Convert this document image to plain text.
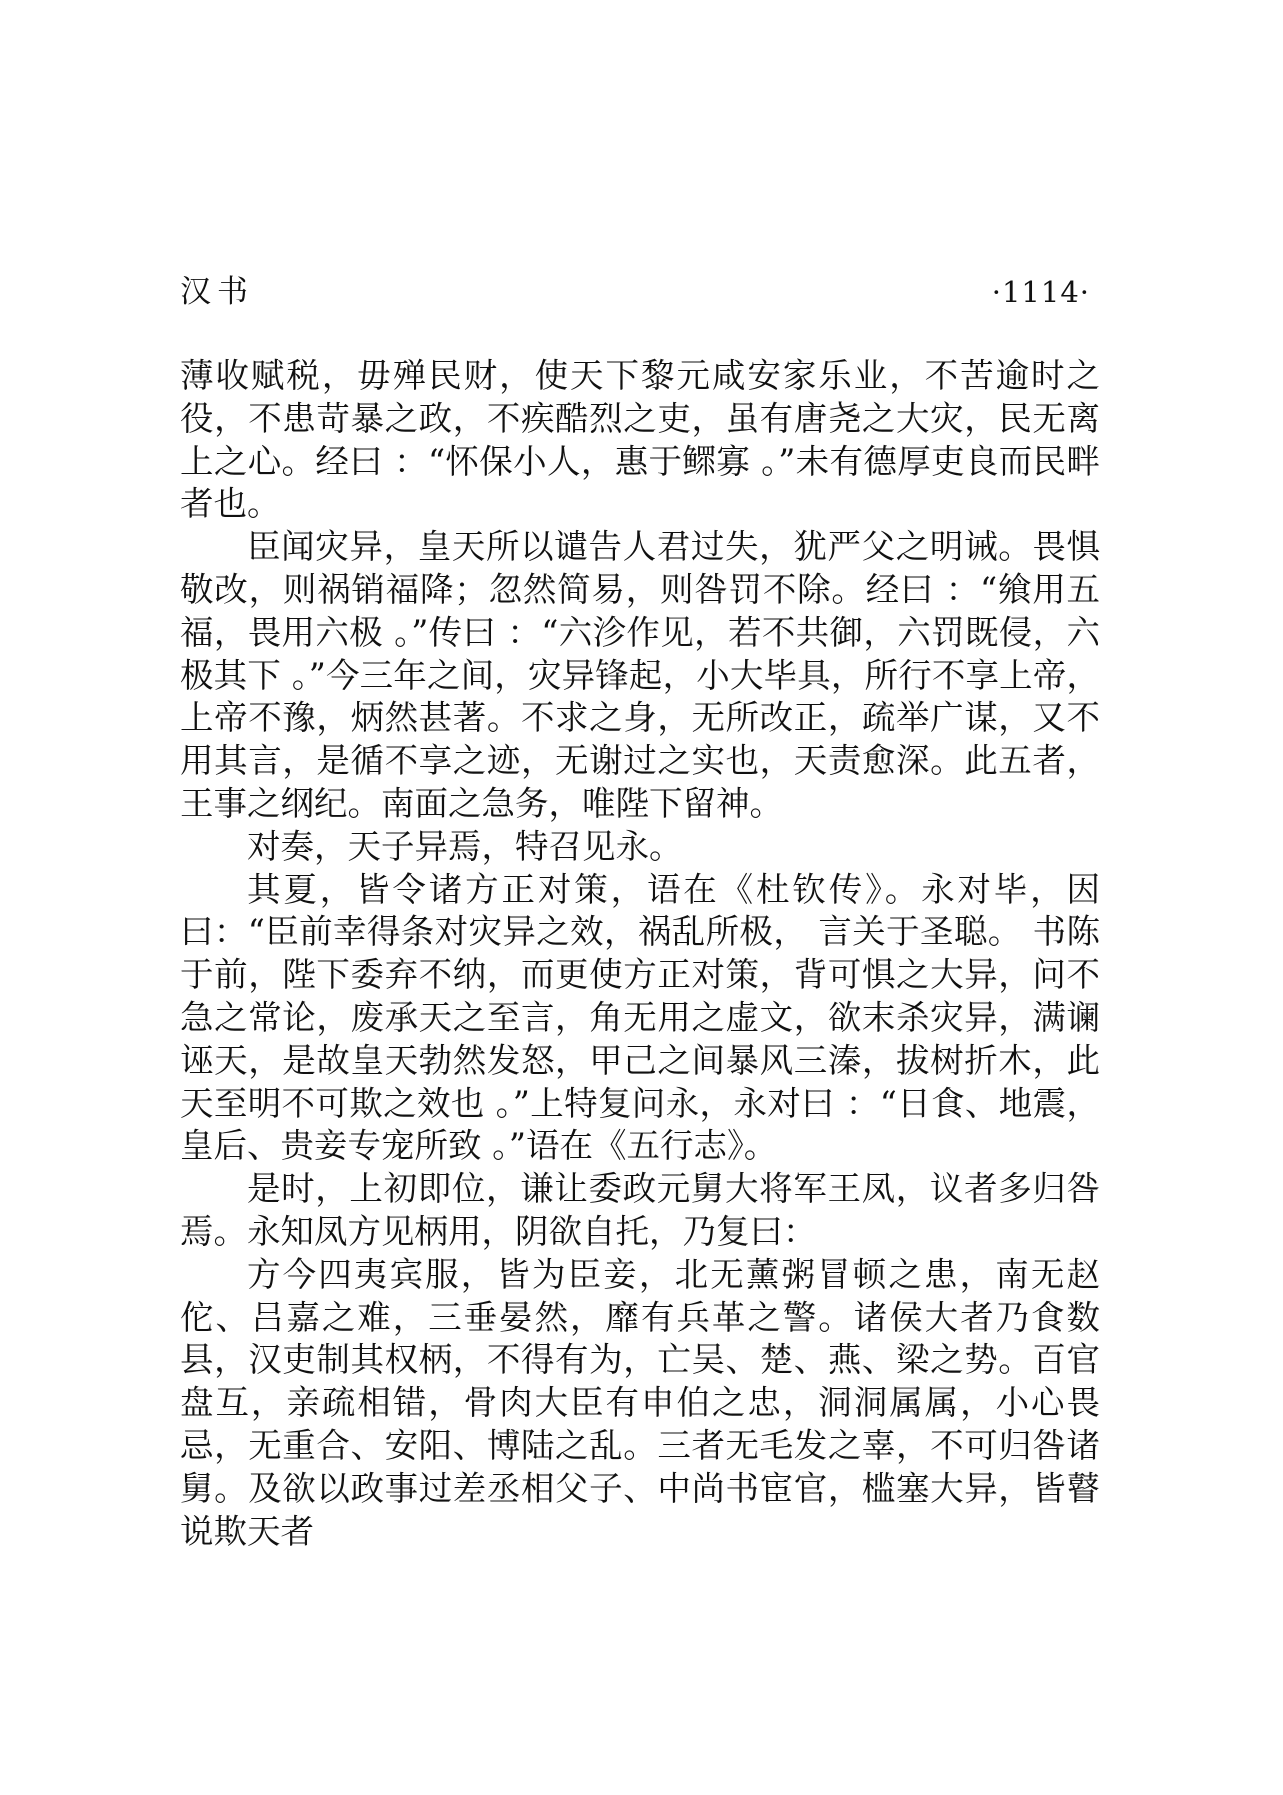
汉书	·1114·

薄收赋税，毋殚民财，使天下黎元咸安家乐业，不苦逾时之役，不患苛暴之政，不疾酷烈之吏，虽有唐尧之大灾，民无离上之心。经曰 ：“怀保小人，惠于鳏寡 。”未有德厚吏良而民畔者也。

臣闻灾异，皇天所以谴告人君过失，犹严父之明诫。畏惧敬改，则祸销福降；忽然简易，则咎罚不除。经曰 ：“飨用五福，畏用六极 。”传曰 ：“六沴作见，若不共御，六罚既侵，六极其下 。”今三年之间，灾异锋起，小大毕具，所行不享上帝，上帝不豫，炳然甚著。不求之身，无所改正，疏举广谋，又不用其言，是循不享之迹，无谢过之实也，天责愈深。此五者，王事之纲纪。南面之急务，唯陛下留神。

对奏，天子异焉，特召见永。

其夏，皆令诸方正对策，语在《杜钦传》。永对毕，因曰：“臣前幸得条对灾异之效，祸乱所极， 言关于圣聪。 书陈于前，陛下委弃不纳，而更使方正对策，背可惧之大异，问不急之常论，废承天之至言，角无用之虚文，欲末杀灾异，满谰诬天，是故皇天勃然发怒，甲己之间暴风三溱，拔树折木，此天至明不可欺之效也 。”上特复问永，永对曰 ：“日食、地震，皇后、贵妾专宠所致 。”语在《五行志》。

是时，上初即位，谦让委政元舅大将军王凤，议者多归咎焉。永知凤方见柄用，阴欲自托，乃复曰：

方今四夷宾服，皆为臣妾，北无薰粥冒顿之患，南无赵佗、吕嘉之难，三垂晏然，靡有兵革之警。诸侯大者乃食数县，汉吏制其权柄，不得有为，亡吴、楚、燕、梁之势。百官盘互，亲疏相错，骨肉大臣有申伯之忠，洞洞属属，小心畏忌，无重合、安阳、博陆之乱。三者无毛发之辜，不可归咎诸舅。及欲以政事过差丞相父子、中尚书宦官，槛塞大异，皆瞽说欺天者
